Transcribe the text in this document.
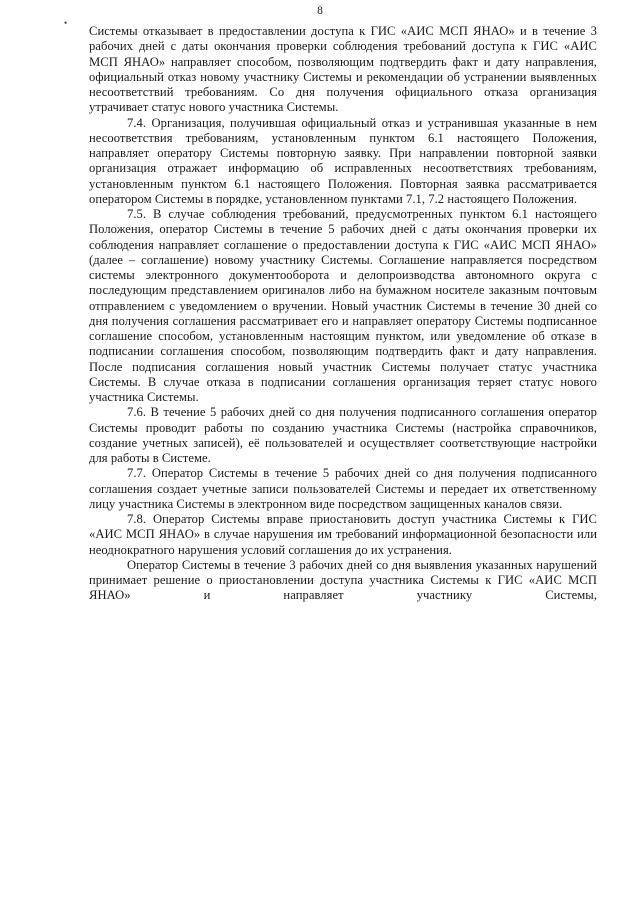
•
8

Системы отказывает в предоставлении доступа к ГИС «АИС МСП ЯНАО» и в течение 3 рабочих дней с даты окончания проверки соблюдения требований доступа к ГИС «АИС МСП ЯНАО» направляет способом, позволяющим подтвердить факт и дату направления, официальный отказ новому участнику Системы и рекомендации об устранении выявленных несоответствий требованиям. Со дня получения официального отказа организация утрачивает статус нового участника Системы.

7.4. Организация, получившая официальный отказ и устранившая указанные в нем несоответствия требованиям, установленным пунктом 6.1 настоящего Положения, направляет оператору Системы повторную заявку. При направлении повторной заявки организация отражает информацию об исправленных несоответствиях требованиям, установленным пунктом 6.1 настоящего Положения. Повторная заявка рассматривается оператором Системы в порядке, установленном пунктами 7.1, 7.2 настоящего Положения.

7.5. В случае соблюдения требований, предусмотренных пунктом 6.1 настоящего Положения, оператор Системы в течение 5 рабочих дней с даты окончания проверки их соблюдения направляет соглашение о предоставлении доступа к ГИС «АИС МСП ЯНАО» (далее – соглашение) новому участнику Системы. Соглашение направляется посредством системы электронного документооборота и делопроизводства автономного округа с последующим представлением оригиналов либо на бумажном носителе заказным почтовым отправлением с уведомлением о вручении. Новый участник Системы в течение 30 дней со дня получения соглашения рассматривает его и направляет оператору Системы подписанное соглашение способом, установленным настоящим пунктом, или уведомление об отказе в подписании соглашения способом, позволяющим подтвердить факт и дату направления. После подписания соглашения новый участник Системы получает статус участника Системы. В случае отказа в подписании соглашения организация теряет статус нового участника Системы.

7.6. В течение 5 рабочих дней со дня получения подписанного соглашения оператор Системы проводит работы по созданию участника Системы (настройка справочников, создание учетных записей), её пользователей и осуществляет соответствующие настройки для работы в Системе.

7.7. Оператор Системы в течение 5 рабочих дней со дня получения подписанного соглашения создает учетные записи пользователей Системы и передает их ответственному лицу участника Системы в электронном виде посредством защищенных каналов связи.

7.8. Оператор Системы вправе приостановить доступ участника Системы к ГИС «АИС МСП ЯНАО» в случае нарушения им требований информационной безопасности или неоднократного нарушения условий соглашения до их устранения.

Оператор Системы в течение 3 рабочих дней со дня выявления указанных нарушений принимает решение о приостановлении доступа участника Системы к ГИС «АИС МСП ЯНАО» и направляет участнику Системы,
